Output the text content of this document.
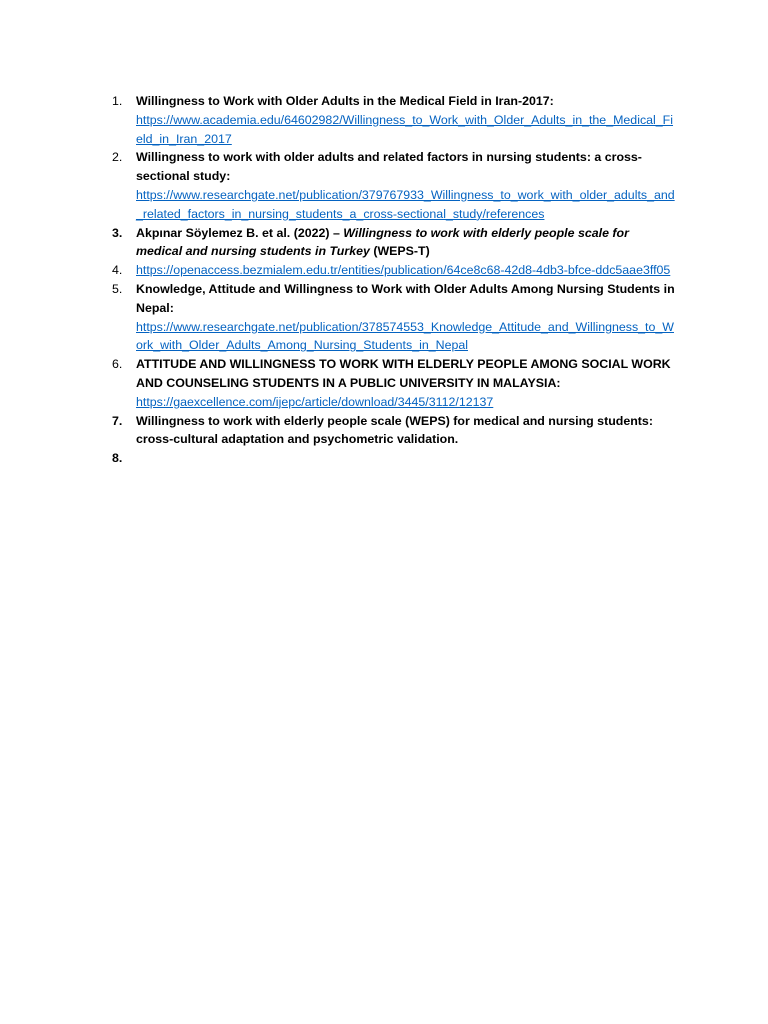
1.	Willingness to Work with Older Adults in the Medical Field in Iran-2017:
https://www.academia.edu/64602982/Willingness_to_Work_with_Older_Adults_in_the_Medical_Field_in_Iran_2017
2.	Willingness to work with older adults and related factors in nursing students: a cross-sectional study:
https://www.researchgate.net/publication/379767933_Willingness_to_work_with_older_adults_and_related_factors_in_nursing_students_a_cross-sectional_study/references
3.	Akpınar Söylemez B. et al. (2022) – Willingness to work with elderly people scale for medical and nursing students in Turkey (WEPS-T)
4.	https://openaccess.bezmialem.edu.tr/entities/publication/64ce8c68-42d8-4db3-bfce-ddc5aae3ff05
5.	Knowledge, Attitude and Willingness to Work with Older Adults Among Nursing Students in Nepal:
https://www.researchgate.net/publication/378574553_Knowledge_Attitude_and_Willingness_to_Work_with_Older_Adults_Among_Nursing_Students_in_Nepal
6.	ATTITUDE AND WILLINGNESS TO WORK WITH ELDERLY PEOPLE AMONG SOCIAL WORK AND COUNSELING STUDENTS IN A PUBLIC UNIVERSITY IN MALAYSIA:
https://gaexcellence.com/ijepc/article/download/3445/3112/12137
7.	Willingness to work with elderly people scale (WEPS) for medical and nursing students: cross-cultural adaptation and psychometric validation.
8.
